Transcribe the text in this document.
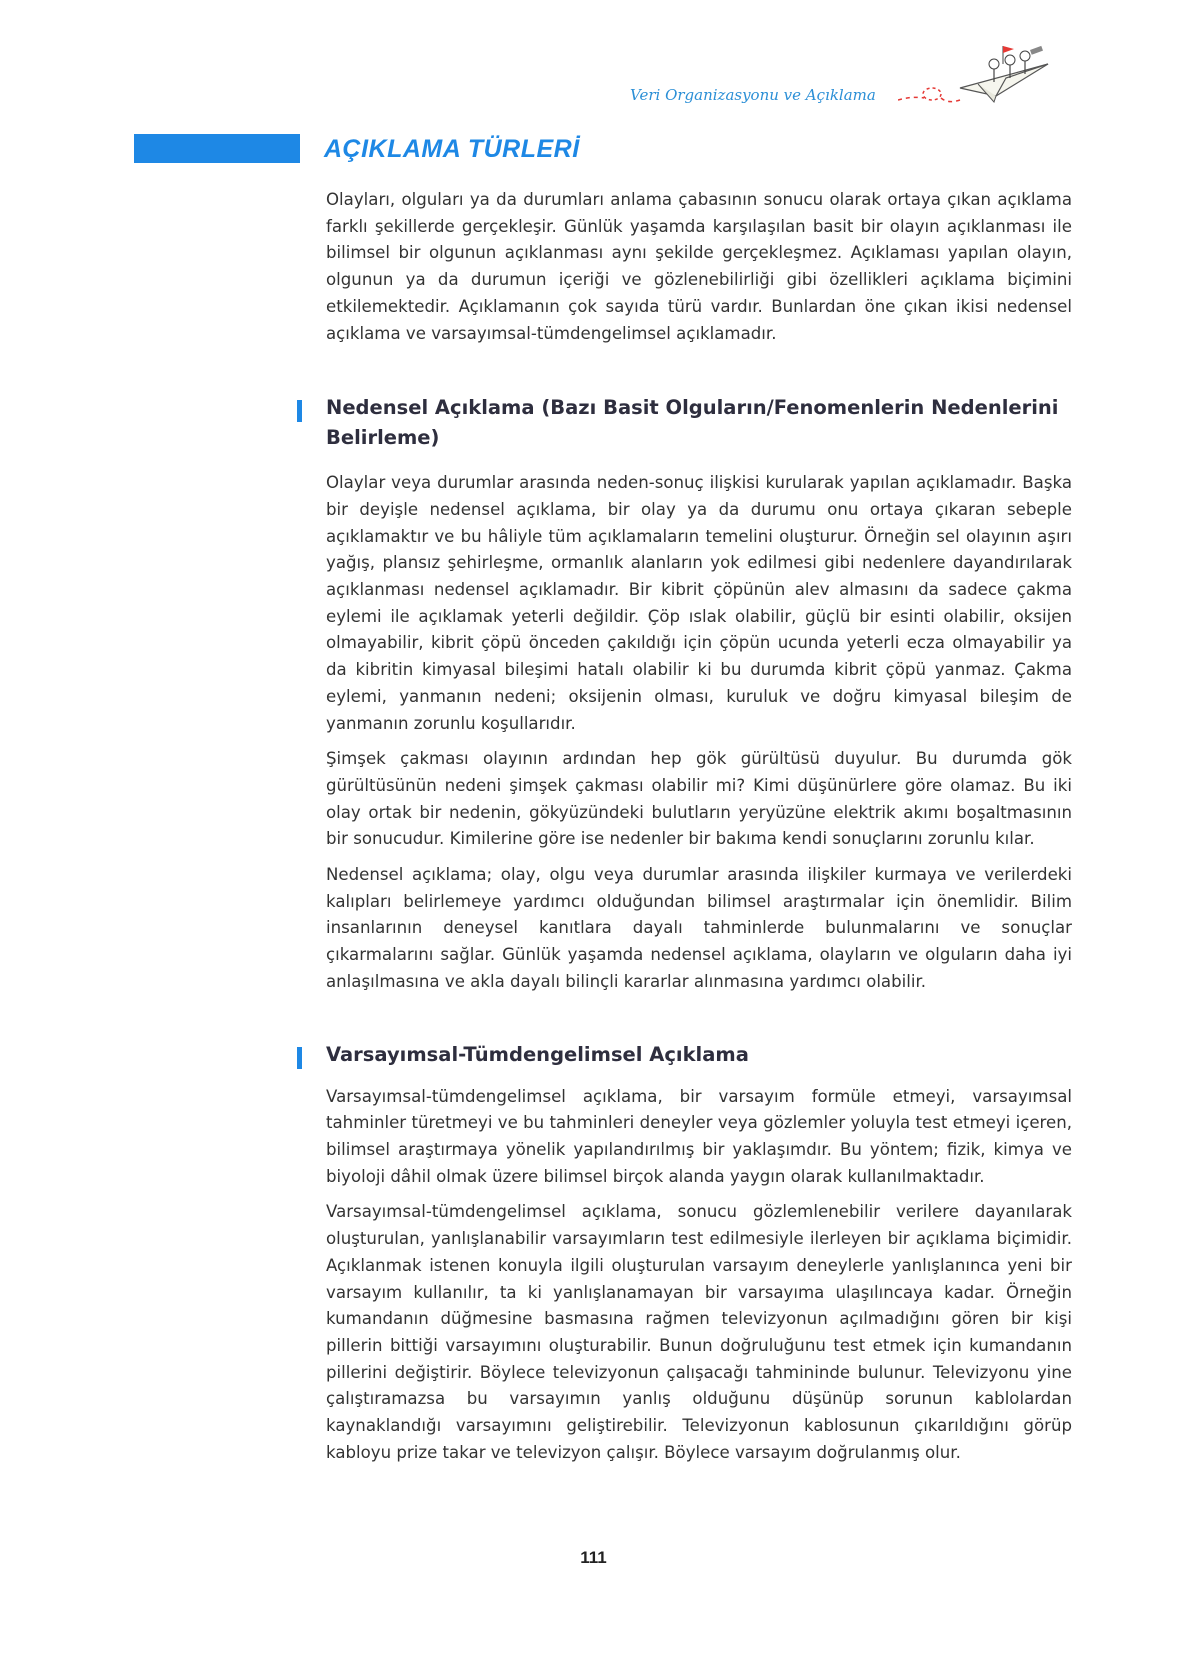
Veri Organizasyonu ve Açıklama
AÇIKLAMA TÜRLERİ

Olayları, olguları ya da durumları anlama çabasının sonucu olarak ortaya çıkan açıklama farklı şekillerde gerçekleşir. Günlük yaşamda karşılaşılan basit bir olayın açıklanması ile bilimsel bir olgunun açıklanması aynı şekilde gerçekleşmez. Açıklaması yapılan olayın, olgunun ya da durumun içeriği ve gözlenebilirliği gibi özellikleri açıklama biçimini etkilemektedir. Açıklamanın çok sayıda türü vardır. Bunlardan öne çıkan ikisi nedensel açıklama ve varsayımsal-tümdengelimsel açıklamadır.

Nedensel Açıklama (Bazı Basit Olguların/Fenomenlerin Nedenlerini Belirleme)

Olaylar veya durumlar arasında neden-sonuç ilişkisi kurularak yapılan açıklamadır. Başka bir deyişle nedensel açıklama, bir olay ya da durumu onu ortaya çıkaran sebeple açıklamaktır ve bu hâliyle tüm açıklamaların temelini oluşturur. Örneğin sel olayının aşırı yağış, plansız şehirleşme, ormanlık alanların yok edilmesi gibi nedenlere dayandırılarak açıklanması nedensel açıklamadır. Bir kibrit çöpünün alev almasını da sadece çakma eylemi ile açıklamak yeterli değildir. Çöp ıslak olabilir, güçlü bir esinti olabilir, oksijen olmayabilir, kibrit çöpü önceden çakıldığı için çöpün ucunda yeterli ecza olmayabilir ya da kibritin kimyasal bileşimi hatalı olabilir ki bu durumda kibrit çöpü yanmaz. Çakma eylemi, yanmanın nedeni; oksijenin olması, kuruluk ve doğru kimyasal bileşim de yanmanın zorunlu koşullarıdır.

Şimşek çakması olayının ardından hep gök gürültüsü duyulur. Bu durumda gök gürültüsünün nedeni şimşek çakması olabilir mi? Kimi düşünürlere göre olamaz. Bu iki olay ortak bir nedenin, gökyüzündeki bulutların yeryüzüne elektrik akımı boşaltmasının bir sonucudur. Kimilerine göre ise nedenler bir bakıma kendi sonuçlarını zorunlu kılar.

Nedensel açıklama; olay, olgu veya durumlar arasında ilişkiler kurmaya ve verilerdeki kalıpları belirlemeye yardımcı olduğundan bilimsel araştırmalar için önemlidir. Bilim insanlarının deneysel kanıtlara dayalı tahminlerde bulunmalarını ve sonuçlar çıkarmalarını sağlar. Günlük yaşamda nedensel açıklama, olayların ve olguların daha iyi anlaşılmasına ve akla dayalı bilinçli kararlar alınmasına yardımcı olabilir.

Varsayımsal-Tümdengelimsel Açıklama

Varsayımsal-tümdengelimsel açıklama, bir varsayım formüle etmeyi, varsayımsal tahminler türetmeyi ve bu tahminleri deneyler veya gözlemler yoluyla test etmeyi içeren, bilimsel araştırmaya yönelik yapılandırılmış bir yaklaşımdır. Bu yöntem; fizik, kimya ve biyoloji dâhil olmak üzere bilimsel birçok alanda yaygın olarak kullanılmaktadır.

Varsayımsal-tümdengelimsel açıklama, sonucu gözlemlenebilir verilere dayanılarak oluşturulan, yanlışlanabilir varsayımların test edilmesiyle ilerleyen bir açıklama biçimidir. Açıklanmak istenen konuyla ilgili oluşturulan varsayım deneylerle yanlışlanınca yeni bir varsayım kullanılır, ta ki yanlışlanamayan bir varsayıma ulaşılıncaya kadar. Örneğin kumandanın düğmesine basmasına rağmen televizyonun açılmadığını gören bir kişi pillerin bittiği varsayımını oluşturabilir. Bunun doğruluğunu test etmek için kumandanın pillerini değiştirir. Böylece televizyonun çalışacağı tahmininde bulunur. Televizyonu yine çalıştıramazsa bu varsayımın yanlış olduğunu düşünüp sorunun kablolardan kaynaklandığı varsayımını geliştirebilir. Televizyonun kablosunun çıkarıldığını görüp kabloyu prize takar ve televizyon çalışır. Böylece varsayım doğrulanmış olur.

111
